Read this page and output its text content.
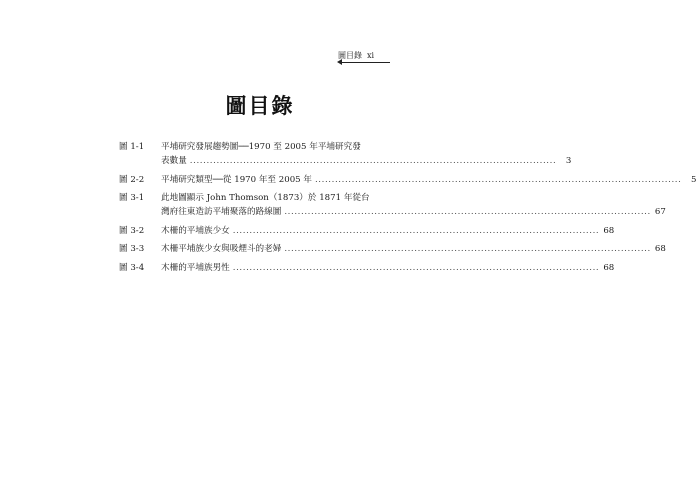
圖目錄 xi
圖目錄
圖 1-1	平埔研究發展趨勢圖──1970 至 2005 年平埔研究發
表數量 ..............................................................................................................	3
圖 2-2	平埔研究類型──從 1970 年至 2005 年 ..............................................................................................................	5
圖 3-1	此地圖顯示 John Thomson（1873）於 1871 年從台
灣府往東造訪平埔聚落的路線圖 .............................................................................................................. 67
圖 3-2	木柵的平埔族少女 .............................................................................................................. 68
圖 3-3	木柵平埔族少女與吸煙斗的老婦 .............................................................................................................. 68
圖 3-4	木柵的平埔族男性 .............................................................................................................. 68
